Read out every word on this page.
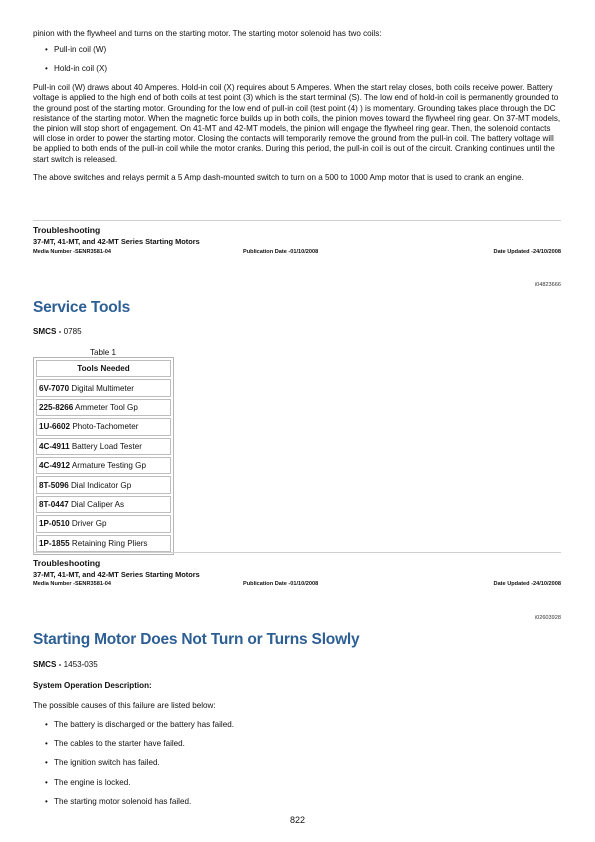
pinion with the flywheel and turns on the starting motor. The starting motor solenoid has two coils:

• Pull-in coil (W)
• Hold-in coil (X)

Pull-in coil (W) draws about 40 Amperes. Hold-in coil (X) requires about 5 Amperes. When the start relay closes, both coils receive power. Battery voltage is applied to the high end of both coils at test point (3) which is the start terminal (S). The low end of hold-in coil is permanently grounded to the ground post of the starting motor. Grounding for the low end of pull-in coil (test point (4) ) is momentary. Grounding takes place through the DC resistance of the starting motor. When the magnetic force builds up in both coils, the pinion moves toward the flywheel ring gear. On 37-MT models, the pinion will stop short of engagement. On 41-MT and 42-MT models, the pinion will engage the flywheel ring gear. Then, the solenoid contacts will close in order to power the starting motor. Closing the contacts will temporarily remove the ground from the pull-in coil. The battery voltage will be applied to both ends of the pull-in coil while the motor cranks. During this period, the pull-in coil is out of the circuit. Cranking continues until the start switch is released.

The above switches and relays permit a 5 Amp dash-mounted switch to turn on a 500 to 1000 Amp motor that is used to crank an engine.

Troubleshooting
37-MT, 41-MT, and 42-MT Series Starting Motors
Media Number -SENR3581-04	Publication Date -01/10/2008	Date Updated -24/10/2008
i04823666
Service Tools
SMCS - 0785
Table 1
Tools Needed
6V-7070 Digital Multimeter
225-8266 Ammeter Tool Gp
1U-6602 Photo-Tachometer
4C-4911 Battery Load Tester
4C-4912 Armature Testing Gp
8T-5096 Dial Indicator Gp
8T-0447 Dial Caliper As
1P-0510 Driver Gp
1P-1855 Retaining Ring Pliers
Troubleshooting
37-MT, 41-MT, and 42-MT Series Starting Motors
Media Number -SENR3581-04	Publication Date -01/10/2008	Date Updated -24/10/2008
i02603928
Starting Motor Does Not Turn or Turns Slowly
SMCS - 1453-035
System Operation Description:
The possible causes of this failure are listed below:
• The battery is discharged or the battery has failed.
• The cables to the starter have failed.
• The ignition switch has failed.
• The engine is locked.
• The starting motor solenoid has failed.
822
